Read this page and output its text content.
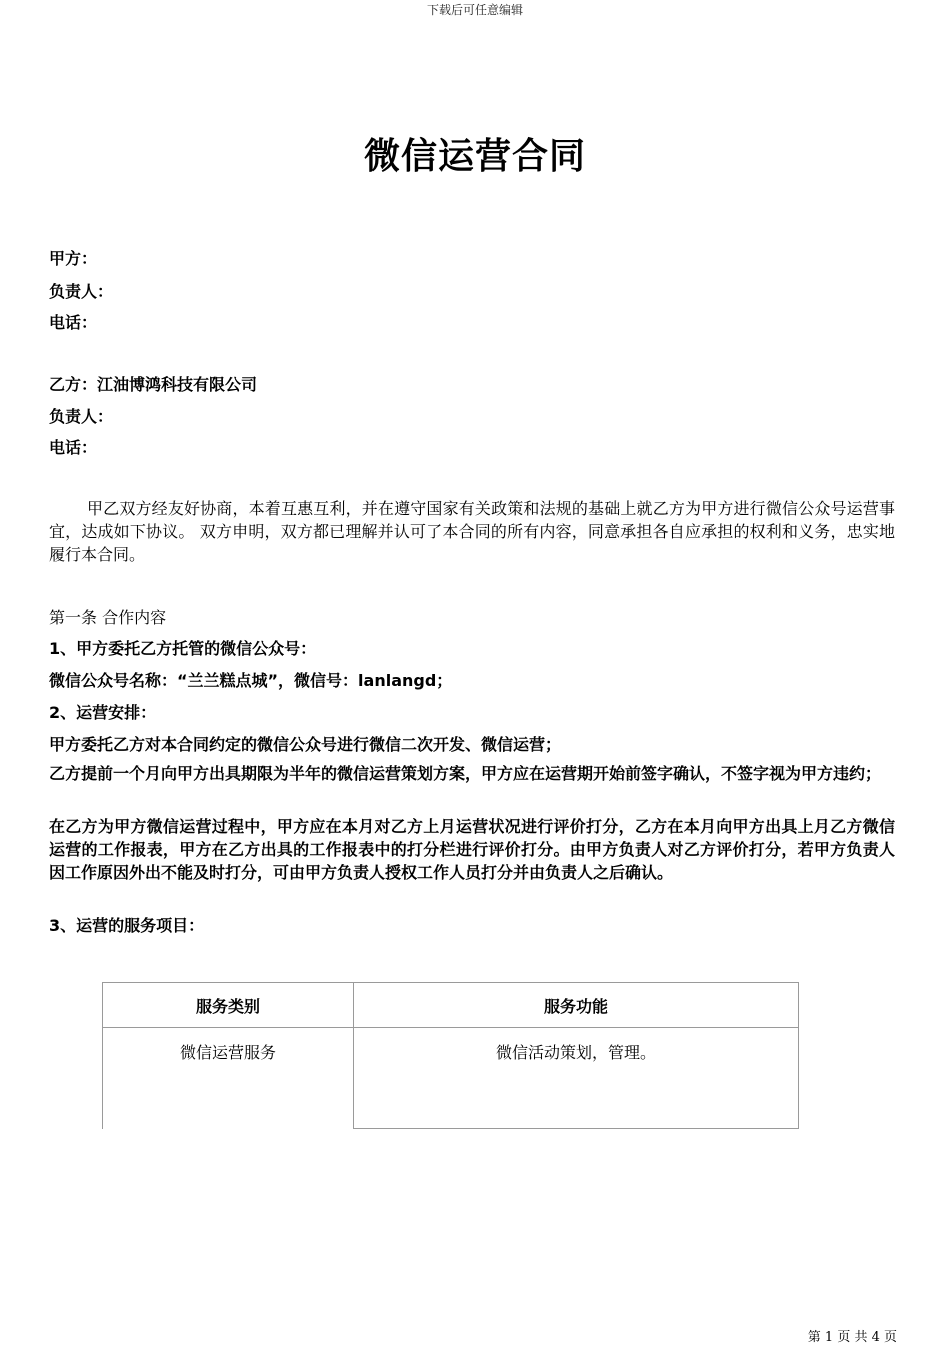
下载后可任意编辑
微信运营合同
甲方：
负责人：
电话：
乙方：江油博鸿科技有限公司
负责人：
电话：

甲乙双方经友好协商，本着互惠互利，并在遵守国家有关政策和法规的基础上就乙方为甲方进行微信公众号运营事宜，达成如下协议。 双方申明，双方都已理解并认可了本合同的所有内容，同意承担各自应承担的权利和义务，忠实地履行本合同。

第一条 合作内容
1、甲方委托乙方托管的微信公众号：
微信公众号名称：“兰兰糕点城”，微信号：lanlangd；
2、运营安排：
甲方委托乙方对本合同约定的微信公众号进行微信二次开发、微信运营；

乙方提前一个月向甲方出具期限为半年的微信运营策划方案，甲方应在运营期开始前签字确认，不签字视为甲方违约；

在乙方为甲方微信运营过程中，甲方应在本月对乙方上月运营状况进行评价打分，乙方在本月向甲方出具上月乙方微信运营的工作报表，甲方在乙方出具的工作报表中的打分栏进行评价打分。由甲方负责人对乙方评价打分，若甲方负责人因工作原因外出不能及时打分，可由甲方负责人授权工作人员打分并由负责人之后确认。

3、运营的服务项目：
服务类别	服务功能
微信运营服务	微信活动策划，管理。
第 1 页 共 4 页
